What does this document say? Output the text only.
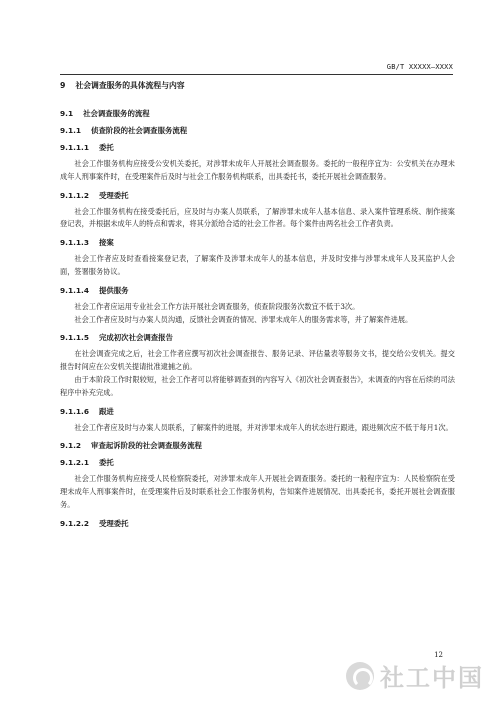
GB/T XXXXX—XXXX
9 社会调查服务的具体流程与内容
9.1 社会调查服务的流程
9.1.1 侦查阶段的社会调查服务流程
9.1.1.1 委托

社会工作服务机构应接受公安机关委托，对涉罪未成年人开展社会调查服务。委托的一般程序宜为：公安机关在办理未成年人刑事案件时，在受理案件后及时与社会工作服务机构联系，出具委托书，委托开展社会调查服务。

9.1.1.2 受理委托

社会工作服务机构在接受委托后，应及时与办案人员联系，了解涉罪未成年人基本信息、录入案件管理系统、制作接案登记表，并根据未成年人的特点和需求，将其分派给合适的社会工作者。每个案件由两名社会工作者负责。

9.1.1.3 接案

社会工作者应及时查看接案登记表，了解案件及涉罪未成年人的基本信息，并及时安排与涉罪未成年人及其监护人会面，签署服务协议。

9.1.1.4 提供服务

社会工作者应运用专业社会工作方法开展社会调查服务，侦查阶段服务次数宜不低于3次。

社会工作者应及时与办案人员沟通，反馈社会调查的情况、涉罪未成年人的服务需求等，并了解案件进展。

9.1.1.5 完成初次社会调查报告

在社会调查完成之后，社会工作者应撰写初次社会调查报告、服务记录、评估量表等服务文书，提交给公安机关。提交报告时间应在公安机关提请批准逮捕之前。

由于本阶段工作时限较短，社会工作者可以将能够调查到的内容写入《初次社会调查报告》，未调查的内容在后续的司法程序中补充完成。

9.1.1.6 跟进

社会工作者应及时与办案人员联系，了解案件的进展，并对涉罪未成年人的状态进行跟进，跟进频次应不低于每月1次。

9.1.2 审查起诉阶段的社会调查服务流程
9.1.2.1 委托

社会工作服务机构应接受人民检察院委托，对涉罪未成年人开展社会调查服务。委托的一般程序宜为：人民检察院在受理未成年人刑事案件时，在受理案件后及时联系社会工作服务机构，告知案件进展情况、出具委托书，委托开展社会调查服务。

9.1.2.2 受理委托
12
社工中国
